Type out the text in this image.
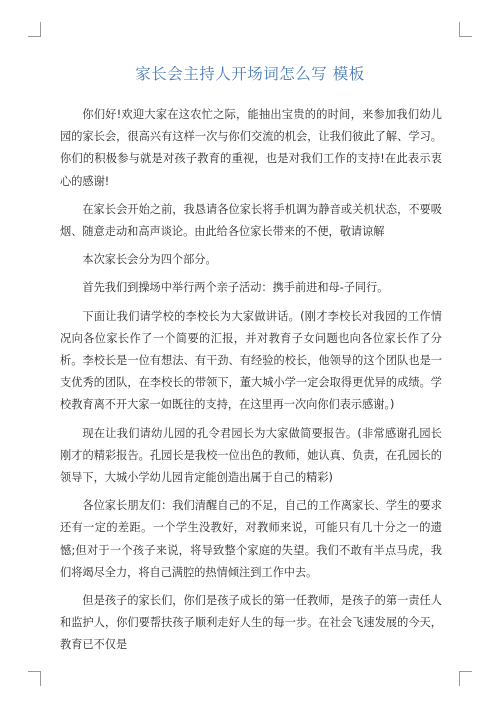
家长会主持人开场词怎么写 模板

你们好!欢迎大家在这农忙之际，能抽出宝贵的的时间，来参加我们幼儿园的家长会，很高兴有这样一次与你们交流的机会，让我们彼此了解、学习。你们的积极参与就是对孩子教育的重视，也是对我们工作的支持!在此表示衷心的感谢!

在家长会开始之前，我恳请各位家长将手机调为静音或关机状态，不要吸烟、随意走动和高声谈论。由此给各位家长带来的不便，敬请谅解

本次家长会分为四个部分。

首先我们到操场中举行两个亲子活动：携手前进和母-子同行。

下面让我们请学校的李校长为大家做讲话。(刚才李校长对我园的工作情况向各位家长作了一个简要的汇报，并对教育子女问题也向各位家长作了分析。李校长是一位有想法、有干劲、有经验的校长，他领导的这个团队也是一支优秀的团队，在李校长的带领下，董大城小学一定会取得更优异的成绩。学校教育离不开大家一如既往的支持，在这里再一次向你们表示感谢。)

现在让我们请幼儿园的孔令君园长为大家做简要报告。(非常感谢孔园长刚才的精彩报告。孔园长是我校一位出色的教师，她认真、负责，在孔园长的领导下，大城小学幼儿园肯定能创造出属于自己的精彩)

各位家长朋友们：我们清醒自己的不足，自己的工作离家长、学生的要求还有一定的差距。一个学生没教好，对教师来说，可能只有几十分之一的遗憾;但对于一个孩子来说，将导致整个家庭的失望。我们不敢有半点马虎，我们将竭尽全力，将自己满腔的热情倾注到工作中去。

但是孩子的家长们，你们是孩子成长的第一任教师，是孩子的第一责任人和监护人，你们要帮扶孩子顺利走好人生的每一步。在社会飞速发展的今天，教育已不仅是
